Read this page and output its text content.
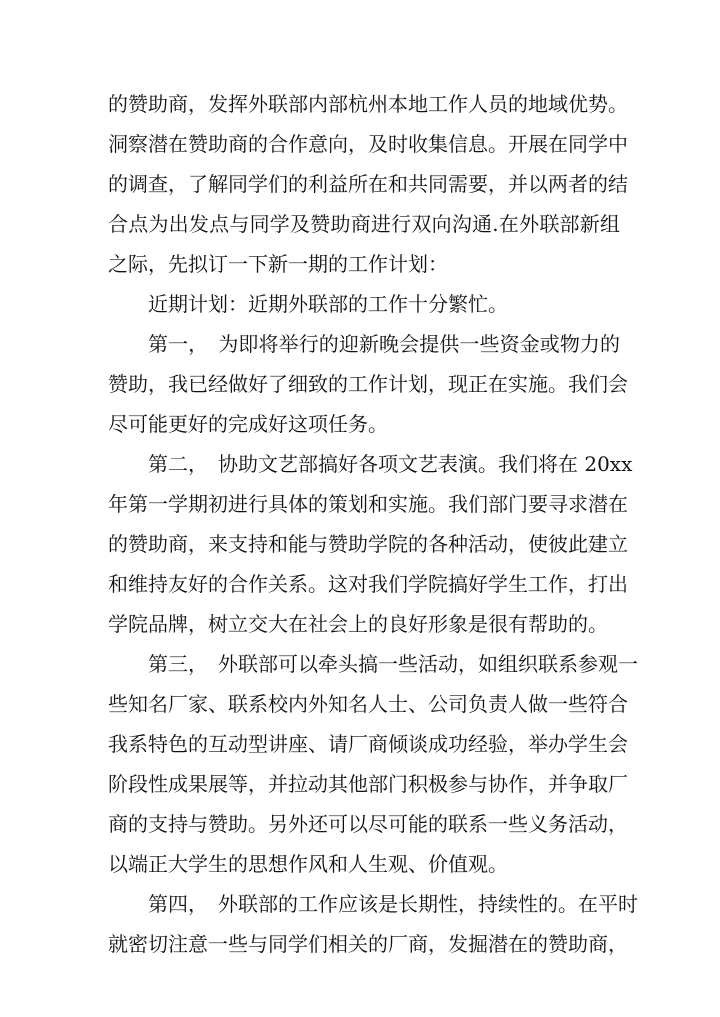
的赞助商，发挥外联部内部杭州本地工作人员的地域优势。
洞察潜在赞助商的合作意向，及时收集信息。开展在同学中
的调查，了解同学们的利益所在和共同需要，并以两者的结
合点为出发点与同学及赞助商进行双向沟通.在外联部新组
之际，先拟订一下新一期的工作计划：
近期计划：近期外联部的工作十分繁忙。
第一，　为即将举行的迎新晚会提供一些资金或物力的
赞助，我已经做好了细致的工作计划，现正在实施。我们会
尽可能更好的完成好这项任务。
第二，　协助文艺部搞好各项文艺表演。我们将在 20xx
年第一学期初进行具体的策划和实施。我们部门要寻求潜在
的赞助商，来支持和能与赞助学院的各种活动，使彼此建立
和维持友好的合作关系。这对我们学院搞好学生工作，打出
学院品牌，树立交大在社会上的良好形象是很有帮助的。
第三，　外联部可以牵头搞一些活动，如组织联系参观一
些知名厂家、联系校内外知名人士、公司负责人做一些符合
我系特色的互动型讲座、请厂商倾谈成功经验，举办学生会
阶段性成果展等，并拉动其他部门积极参与协作，并争取厂
商的支持与赞助。另外还可以尽可能的联系一些义务活动，
以端正大学生的思想作风和人生观、价值观。
第四，　外联部的工作应该是长期性，持续性的。在平时
就密切注意一些与同学们相关的厂商，发掘潜在的赞助商，
